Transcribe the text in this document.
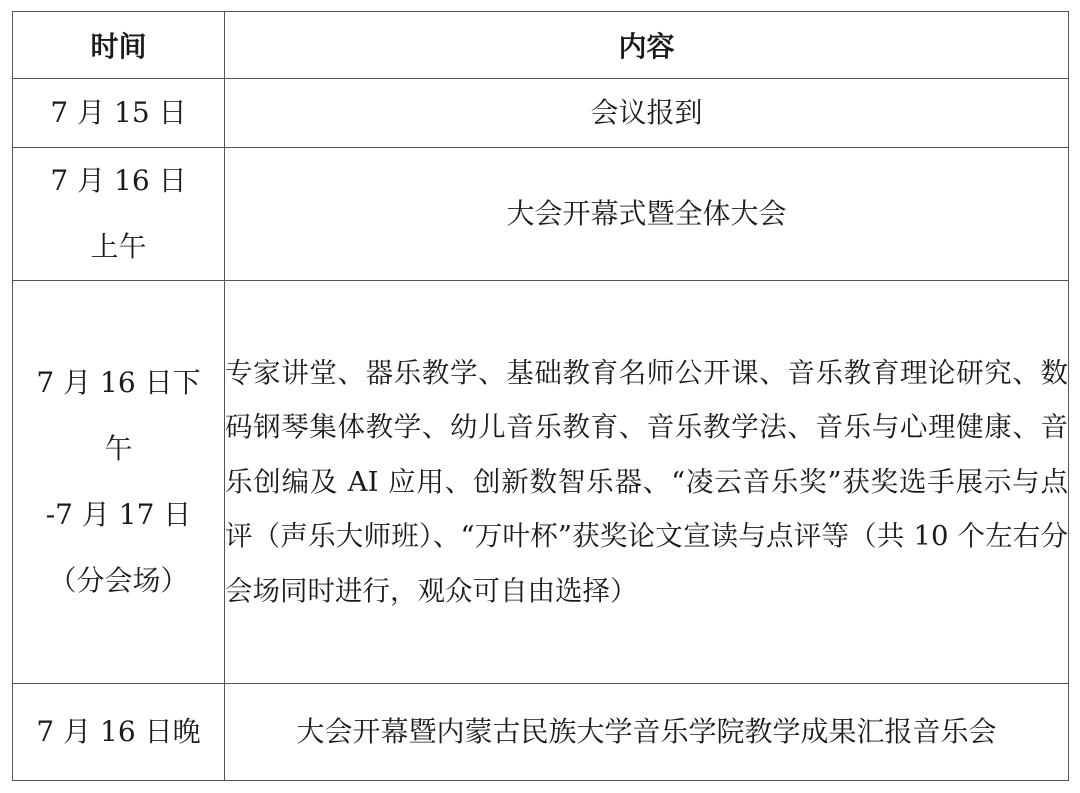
时间	内容
7 月 15 日	会议报到
7 月 16 日
上午	大会开幕式暨全体大会
7 月 16 日下
午
-7 月 17 日
（分会场）	专家讲堂、器乐教学、基础教育名师公开课、音乐教育理论研究、数码钢琴集体教学、幼儿音乐教育、音乐教学法、音乐与心理健康、音乐创编及 AI 应用、创新数智乐器、“凌云音乐奖”获奖选手展示与点评（声乐大师班）、“万叶杯”获奖论文宣读与点评等（共 10 个左右分会场同时进行，观众可自由选择）
7 月 16 日晚	大会开幕暨内蒙古民族大学音乐学院教学成果汇报音乐会
